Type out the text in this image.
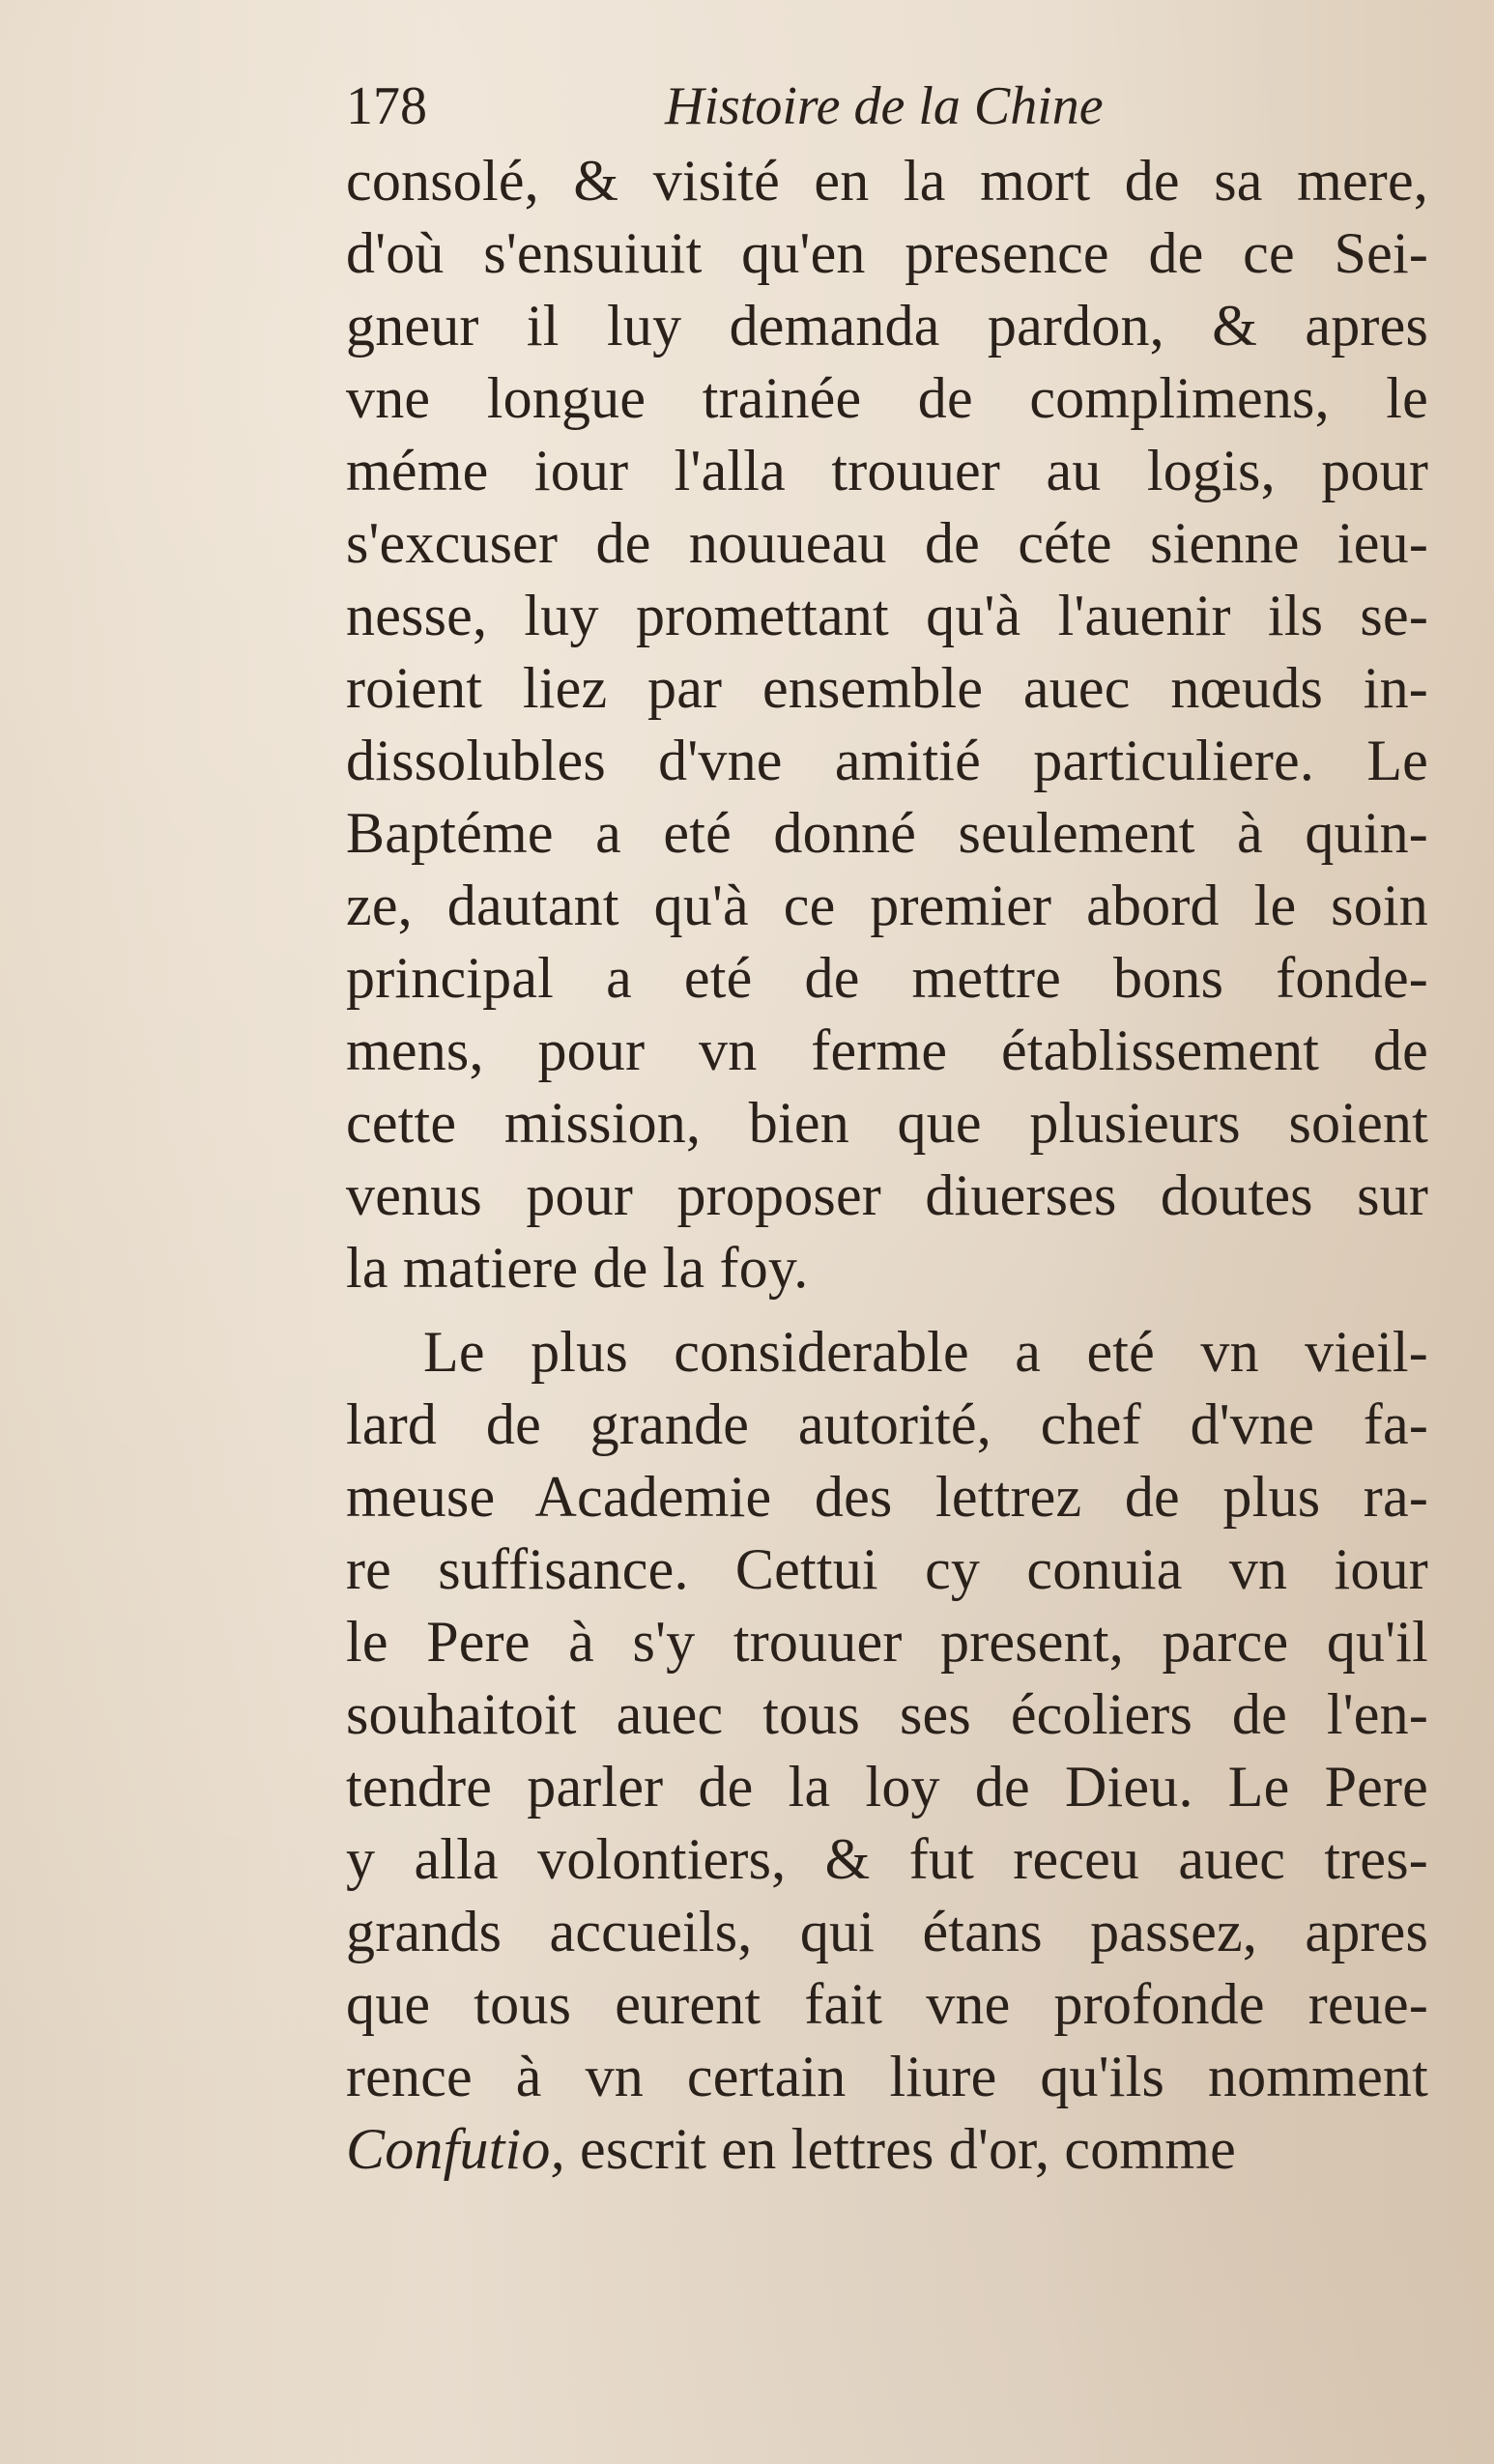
178	Histoire de la Chine
consolé, & visité en la mort de sa mere,
d'où s'ensuiuit qu'en presence de ce Sei-
gneur il luy demanda pardon, & apres
vne longue trainée de complimens, le
méme iour l'alla trouuer au logis, pour
s'excuser de nouueau de céte sienne ieu-
nesse, luy promettant qu'à l'auenir ils se-
roient liez par ensemble auec nœuds in-
dissolubles d'vne amitié particuliere. Le
Baptéme a eté donné seulement à quin-
ze, dautant qu'à ce premier abord le soin
principal a eté de mettre bons fonde-
mens, pour vn ferme établissement de
cette mission, bien que plusieurs soient
venus pour proposer diuerses doutes sur
la matiere de la foy.
Le plus considerable a eté vn vieil-
lard de grande autorité, chef d'vne fa-
meuse Academie des lettrez de plus ra-
re suffisance. Cettui cy conuia vn iour
le Pere à s'y trouuer present, parce qu'il
souhaitoit auec tous ses écoliers de l'en-
tendre parler de la loy de Dieu. Le Pere
y alla volontiers, & fut receu auec tres-
grands accueils, qui étans passez, apres
que tous eurent fait vne profonde reue-
rence à vn certain liure qu'ils nomment
Confutio, escrit en lettres d'or, comme
